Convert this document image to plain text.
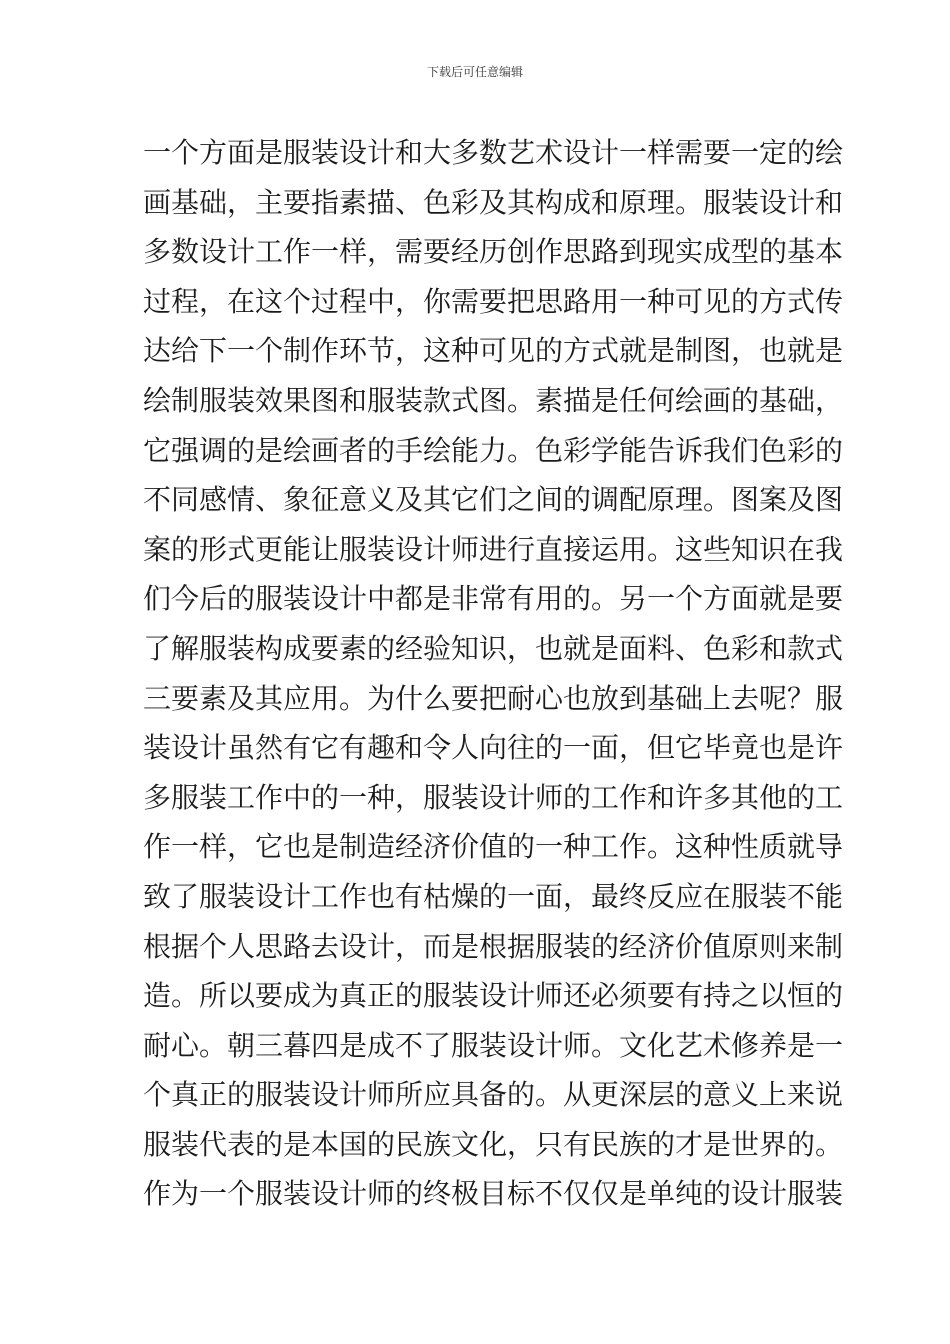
下载后可任意编辑
一个方面是服装设计和大多数艺术设计一样需要一定的绘
画基础，主要指素描、色彩及其构成和原理。服装设计和
多数设计工作一样，需要经历创作思路到现实成型的基本
过程，在这个过程中，你需要把思路用一种可见的方式传
达给下一个制作环节，这种可见的方式就是制图，也就是
绘制服装效果图和服装款式图。素描是任何绘画的基础，
它强调的是绘画者的手绘能力。色彩学能告诉我们色彩的
不同感情、象征意义及其它们之间的调配原理。图案及图
案的形式更能让服装设计师进行直接运用。这些知识在我
们今后的服装设计中都是非常有用的。另一个方面就是要
了解服装构成要素的经验知识，也就是面料、色彩和款式
三要素及其应用。为什么要把耐心也放到基础上去呢？服
装设计虽然有它有趣和令人向往的一面，但它毕竟也是许
多服装工作中的一种，服装设计师的工作和许多其他的工
作一样，它也是制造经济价值的一种工作。这种性质就导
致了服装设计工作也有枯燥的一面，最终反应在服装不能
根据个人思路去设计，而是根据服装的经济价值原则来制
造。所以要成为真正的服装设计师还必须要有持之以恒的
耐心。朝三暮四是成不了服装设计师。文化艺术修养是一
个真正的服装设计师所应具备的。从更深层的意义上来说
服装代表的是本国的民族文化，只有民族的才是世界的。
作为一个服装设计师的终极目标不仅仅是单纯的设计服装
